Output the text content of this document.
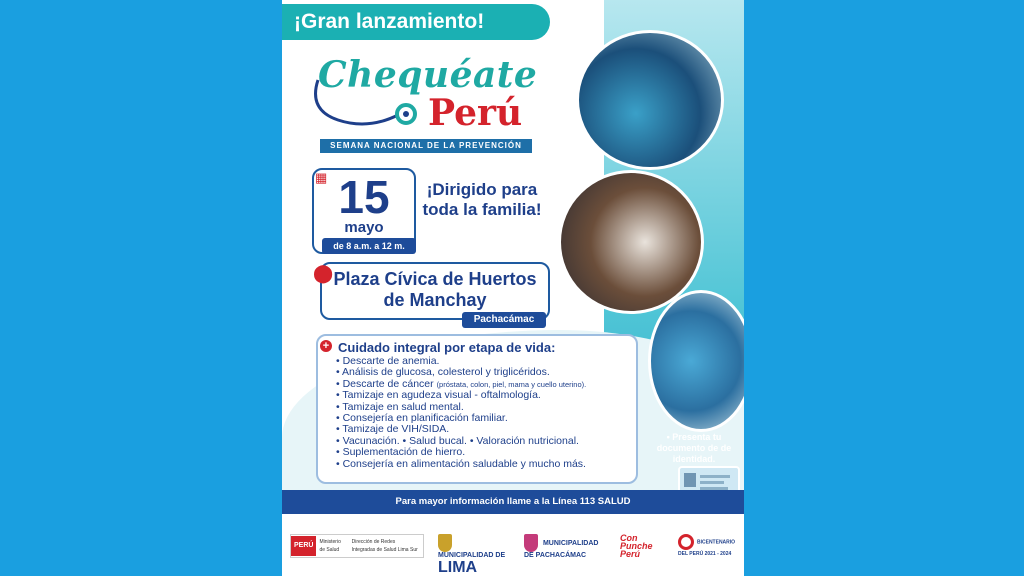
¡Gran lanzamiento!
Chequéate
Perú
SEMANA NACIONAL DE LA PREVENCIÓN
15
mayo
▦
de 8 a.m. a 12 m.
¡Dirigido para toda la familia!
Plaza Cívica de Huertos de Manchay
⬤
Pachacámac
+ Cuidado integral por etapa de vida:
• Descarte de anemia.
• Análisis de glucosa, colesterol y triglicéridos.
• Descarte de cáncer (próstata, colon, piel, mama y cuello uterino).
• Tamizaje en agudeza visual - oftalmología.
• Tamizaje en salud mental.
• Consejería en planificación familiar.
• Tamizaje de VIH/SIDA.
• Vacunación. • Salud bucal. • Valoración nutricional.
• Suplementación de hierro.
• Consejería en alimentación saludable y mucho más.
• Presenta tu documento de de identidad.
Para mayor información llame a la Línea 113 SALUD
PERÚ	Ministerio de Salud
Dirección de Redes Integradas de Salud Lima Sur

MUNICIPALIDAD DE
LIMA
MUNICIPALIDAD DE PACHACÁMAC
Con Punche Perú
BICENTENARIO DEL PERÚ 2021 - 2024
